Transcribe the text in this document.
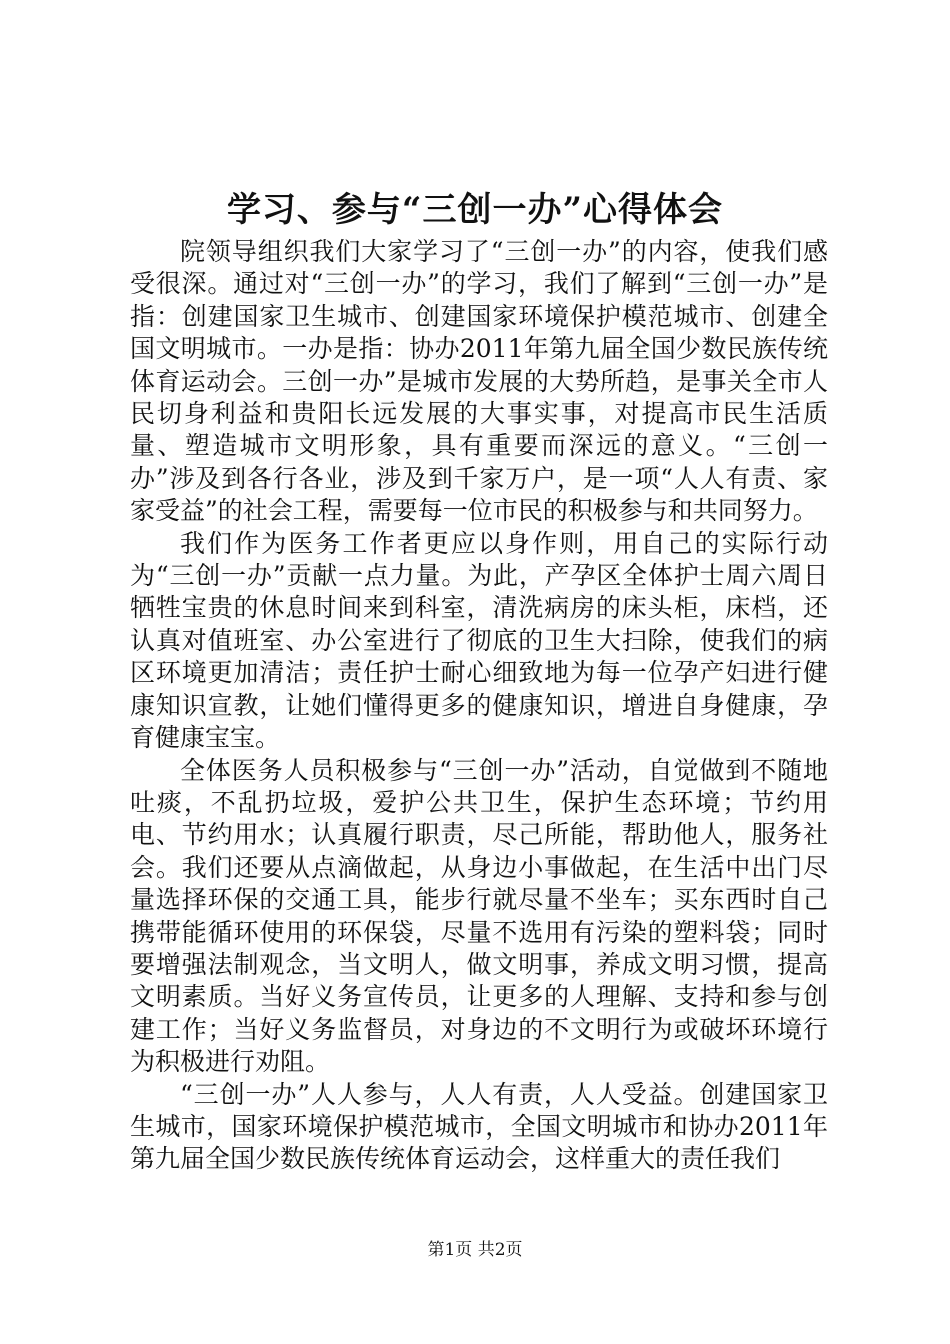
学习、参与“三创一办”心得体会

院领导组织我们大家学习了“三创一办”的内容，使我们感受很深。通过对“三创一办”的学习，我们了解到“三创一办”是指：创建国家卫生城市、创建国家环境保护模范城市、创建全国文明城市。一办是指：协办2011年第九届全国少数民族传统体育运动会。三创一办”是城市发展的大势所趋，是事关全市人民切身利益和贵阳长远发展的大事实事，对提高市民生活质量、塑造城市文明形象，具有重要而深远的意义。“三创一办”涉及到各行各业，涉及到千家万户，是一项“人人有责、家家受益”的社会工程，需要每一位市民的积极参与和共同努力。

我们作为医务工作者更应以身作则，用自己的实际行动为“三创一办”贡献一点力量。为此，产孕区全体护士周六周日牺牲宝贵的休息时间来到科室，清洗病房的床头柜，床档，还认真对值班室、办公室进行了彻底的卫生大扫除，使我们的病区环境更加清洁；责任护士耐心细致地为每一位孕产妇进行健康知识宣教，让她们懂得更多的健康知识，增进自身健康，孕育健康宝宝。

全体医务人员积极参与“三创一办”活动，自觉做到不随地吐痰，不乱扔垃圾，爱护公共卫生，保护生态环境；节约用电、节约用水；认真履行职责，尽己所能，帮助他人，服务社会。我们还要从点滴做起，从身边小事做起，在生活中出门尽量选择环保的交通工具，能步行就尽量不坐车；买东西时自己携带能循环使用的环保袋，尽量不选用有污染的塑料袋；同时要增强法制观念，当文明人，做文明事，养成文明习惯，提高文明素质。当好义务宣传员，让更多的人理解、支持和参与创建工作；当好义务监督员，对身边的不文明行为或破坏环境行为积极进行劝阻。

“三创一办”人人参与，人人有责，人人受益。创建国家卫生城市，国家环境保护模范城市，全国文明城市和协办2011年第九届全国少数民族传统体育运动会，这样重大的责任我们

第1页 共2页
